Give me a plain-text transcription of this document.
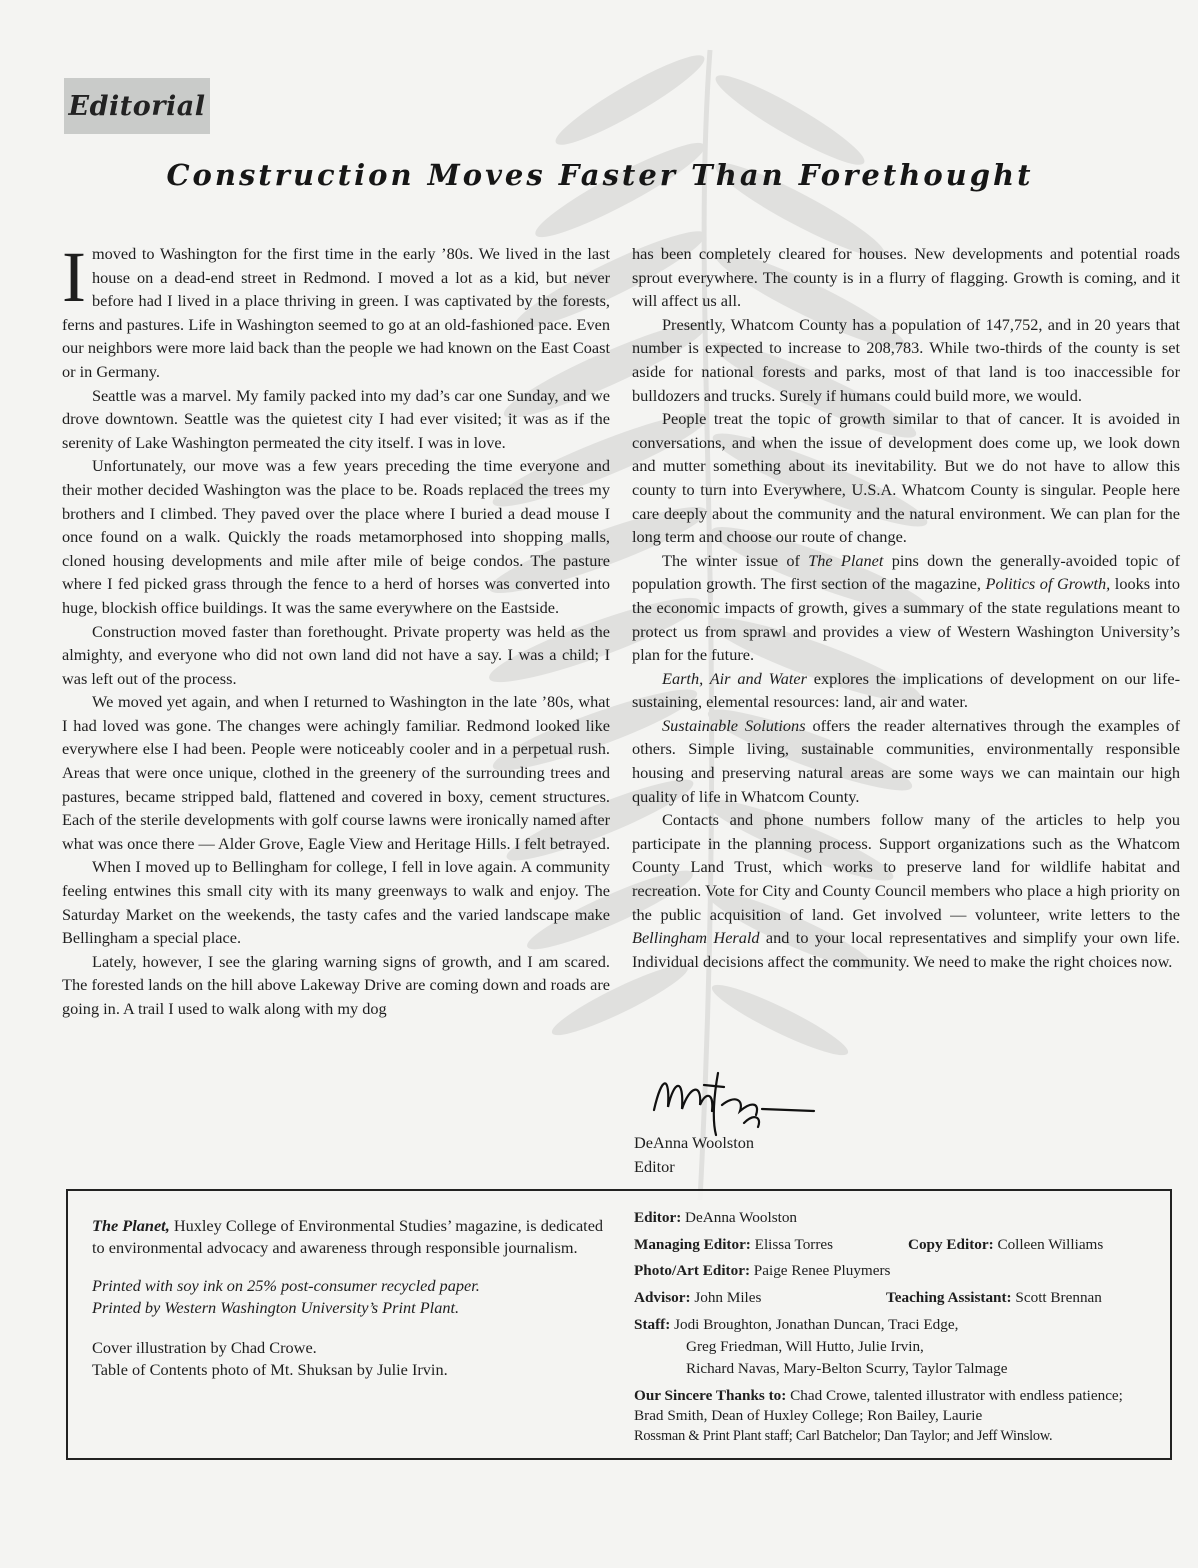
Editorial
Construction Moves Faster Than Forethought

I moved to Washington for the first time in the early ’80s. We lived in the last house on a dead-end street in Redmond. I moved a lot as a kid, but never before had I lived in a place thriving in green. I was captivated by the forests, ferns and pastures. Life in Washington seemed to go at an old-fashioned pace. Even our neighbors were more laid back than the people we had known on the East Coast or in Germany.

Seattle was a marvel. My family packed into my dad’s car one Sunday, and we drove downtown. Seattle was the quietest city I had ever visited; it was as if the serenity of Lake Washington permeated the city itself. I was in love.

Unfortunately, our move was a few years preceding the time everyone and their mother decided Washington was the place to be. Roads replaced the trees my brothers and I climbed. They paved over the place where I buried a dead mouse I once found on a walk. Quickly the roads metamorphosed into shopping malls, cloned housing developments and mile after mile of beige condos. The pasture where I fed picked grass through the fence to a herd of horses was converted into huge, blockish office buildings. It was the same everywhere on the Eastside.

Construction moved faster than forethought. Private property was held as the almighty, and everyone who did not own land did not have a say. I was a child; I was left out of the process.

We moved yet again, and when I returned to Washington in the late ’80s, what I had loved was gone. The changes were achingly familiar. Redmond looked like everywhere else I had been. People were noticeably cooler and in a perpetual rush. Areas that were once unique, clothed in the greenery of the surrounding trees and pastures, became stripped bald, flattened and covered in boxy, cement structures. Each of the sterile developments with golf course lawns were ironically named after what was once there — Alder Grove, Eagle View and Heritage Hills. I felt betrayed.

When I moved up to Bellingham for college, I fell in love again. A community feeling entwines this small city with its many greenways to walk and enjoy. The Saturday Market on the weekends, the tasty cafes and the varied landscape make Bellingham a special place.

Lately, however, I see the glaring warning signs of growth, and I am scared. The forested lands on the hill above Lakeway Drive are coming down and roads are going in. A trail I used to walk along with my dog

has been completely cleared for houses. New developments and potential roads sprout everywhere. The county is in a flurry of flagging. Growth is coming, and it will affect us all.

Presently, Whatcom County has a population of 147,752, and in 20 years that number is expected to increase to 208,783. While two-thirds of the county is set aside for national forests and parks, most of that land is too inaccessible for bulldozers and trucks. Surely if humans could build more, we would.

People treat the topic of growth similar to that of cancer. It is avoided in conversations, and when the issue of development does come up, we look down and mutter something about its inevitability. But we do not have to allow this county to turn into Everywhere, U.S.A. Whatcom County is singular. People here care deeply about the community and the natural environment. We can plan for the long term and choose our route of change.

The winter issue of The Planet pins down the generally-avoided topic of population growth. The first section of the magazine, Politics of Growth, looks into the economic impacts of growth, gives a summary of the state regulations meant to protect us from sprawl and provides a view of Western Washington University’s plan for the future.

Earth, Air and Water explores the implications of development on our life-sustaining, elemental resources: land, air and water.

Sustainable Solutions offers the reader alternatives through the examples of others. Simple living, sustainable communities, environmentally responsible housing and preserving natural areas are some ways we can maintain our high quality of life in Whatcom County.

Contacts and phone numbers follow many of the articles to help you participate in the planning process. Support organizations such as the Whatcom County Land Trust, which works to preserve land for wildlife habitat and recreation. Vote for City and County Council members who place a high priority on the public acquisition of land. Get involved — volunteer, write letters to the Bellingham Herald and to your local representatives and simplify your own life. Individual decisions affect the community. We need to make the right choices now.

DeAnna Woolston
Editor

The Planet, Huxley College of Environmental Studies’ magazine, is dedicated to environmental advocacy and awareness through responsible journalism.

Printed with soy ink on 25% post-consumer recycled paper.
Printed by Western Washington University’s Print Plant.

Cover illustration by Chad Crowe.
Table of Contents photo of Mt. Shuksan by Julie Irvin.

Editor: DeAnna Woolston
Managing Editor: Elissa Torres	Copy Editor: Colleen Williams
Photo/Art Editor: Paige Renee Pluymers
Advisor: John Miles	Teaching Assistant: Scott Brennan
Staff: Jodi Broughton, Jonathan Duncan, Traci Edge,
Greg Friedman, Will Hutto, Julie Irvin,
Richard Navas, Mary-Belton Scurry, Taylor Talmage
Our Sincere Thanks to: Chad Crowe, talented illustrator with endless patience; Brad Smith, Dean of Huxley College; Ron Bailey, Laurie
Rossman & Print Plant staff; Carl Batchelor; Dan Taylor; and Jeff Winslow.
